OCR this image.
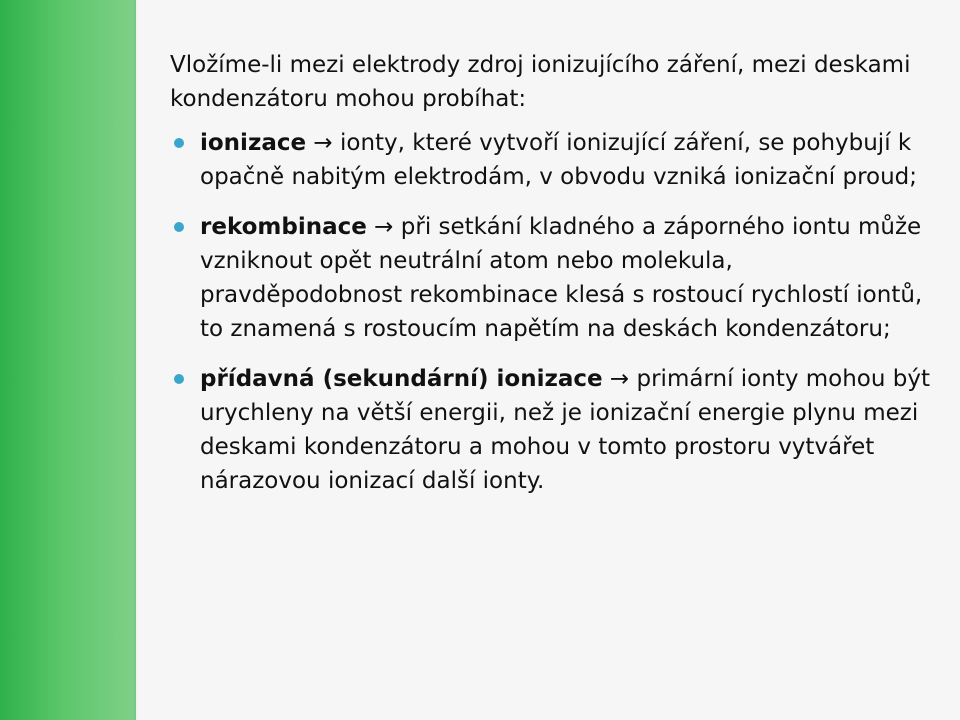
Vložíme-li mezi elektrody zdroj ionizujícího záření, mezi deskami kondenzátoru mohou probíhat:

ionizace → ionty, které vytvoří ionizující záření, se pohybují k opačně nabitým elektrodám, v obvodu vzniká ionizační proud;
rekombinace → při setkání kladného a záporného iontu může vzniknout opět neutrální atom nebo molekula, pravděpodobnost rekombinace klesá s rostoucí rychlostí iontů, to znamená s rostoucím napětím na deskách kondenzátoru;
přídavná (sekundární) ionizace → primární ionty mohou být urychleny na větší energii, než je ionizační energie plynu mezi deskami kondenzátoru a mohou v tomto prostoru vytvářet nárazovou ionizací další ionty.
